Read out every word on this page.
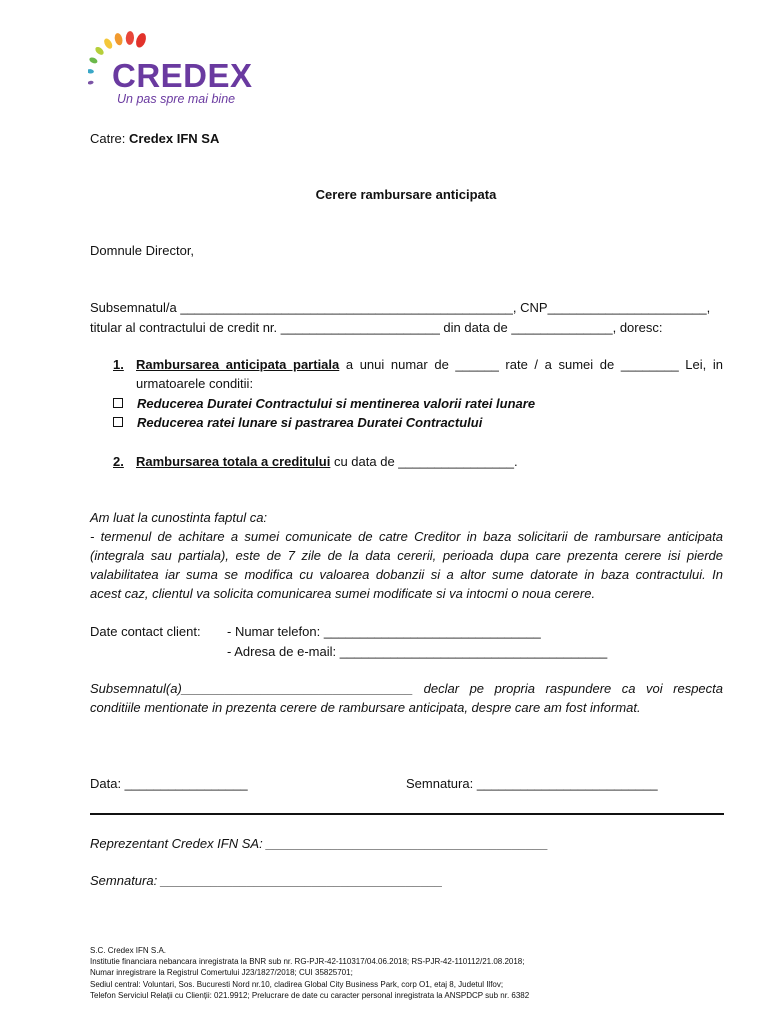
CREDEX
Un pas spre mai bine
Catre: Credex IFN SA
Cerere rambursare anticipata
Domnule Director,
Subsemnatul/a ______________________________________________, CNP______________________,
titular al contractului de credit nr. ______________________ din data de ______________, doresc:
1. Rambursarea anticipata partiala a unui numar de ______ rate / a sumei de ________ Lei, in
urmatoarele conditii:
Reducerea Duratei Contractului si mentinerea valorii ratei lunare
Reducerea ratei lunare si pastrarea Duratei Contractului
2. Rambursarea totala a creditului cu data de ________________.
Am luat la cunostinta faptul ca:
- termenul de achitare a sumei comunicate de catre Creditor in baza solicitarii de rambursare anticipata
(integrala sau partiala), este de 7 zile de la data cererii, perioada dupa care prezenta cerere isi pierde
valabilitatea iar suma se modifica cu valoarea dobanzii si a altor sume datorate in baza contractului. In
acest caz, clientul va solicita comunicarea sumei modificate si va intocmi o noua cerere.
Date contact client: - Numar telefon: ______________________________
- Adresa de e-mail: _____________________________________
Subsemnatul(a)________________________________ declar pe propria raspundere ca voi respecta
conditiile mentionate in prezenta cerere de rambursare anticipata, despre care am fost informat.
Data: _________________	Semnatura: _________________________
Reprezentant Credex IFN SA: _______________________________________
Semnatura: _______________________________________
S.C. Credex IFN S.A.
Institutie financiara nebancara inregistrata la BNR sub nr. RG-PJR-42-110317/04.06.2018; RS-PJR-42-110112/21.08.2018;
Numar inregistrare la Registrul Comertului J23/1827/2018; CUI 35825701;
Sediul central: Voluntari, Sos. Bucuresti Nord nr.10, cladirea Global City Business Park, corp O1, etaj 8, Judetul Ilfov;
Telefon Serviciul Relații cu Clienții: 021.9912; Prelucrare de date cu caracter personal inregistrata la ANSPDCP sub nr. 6382
